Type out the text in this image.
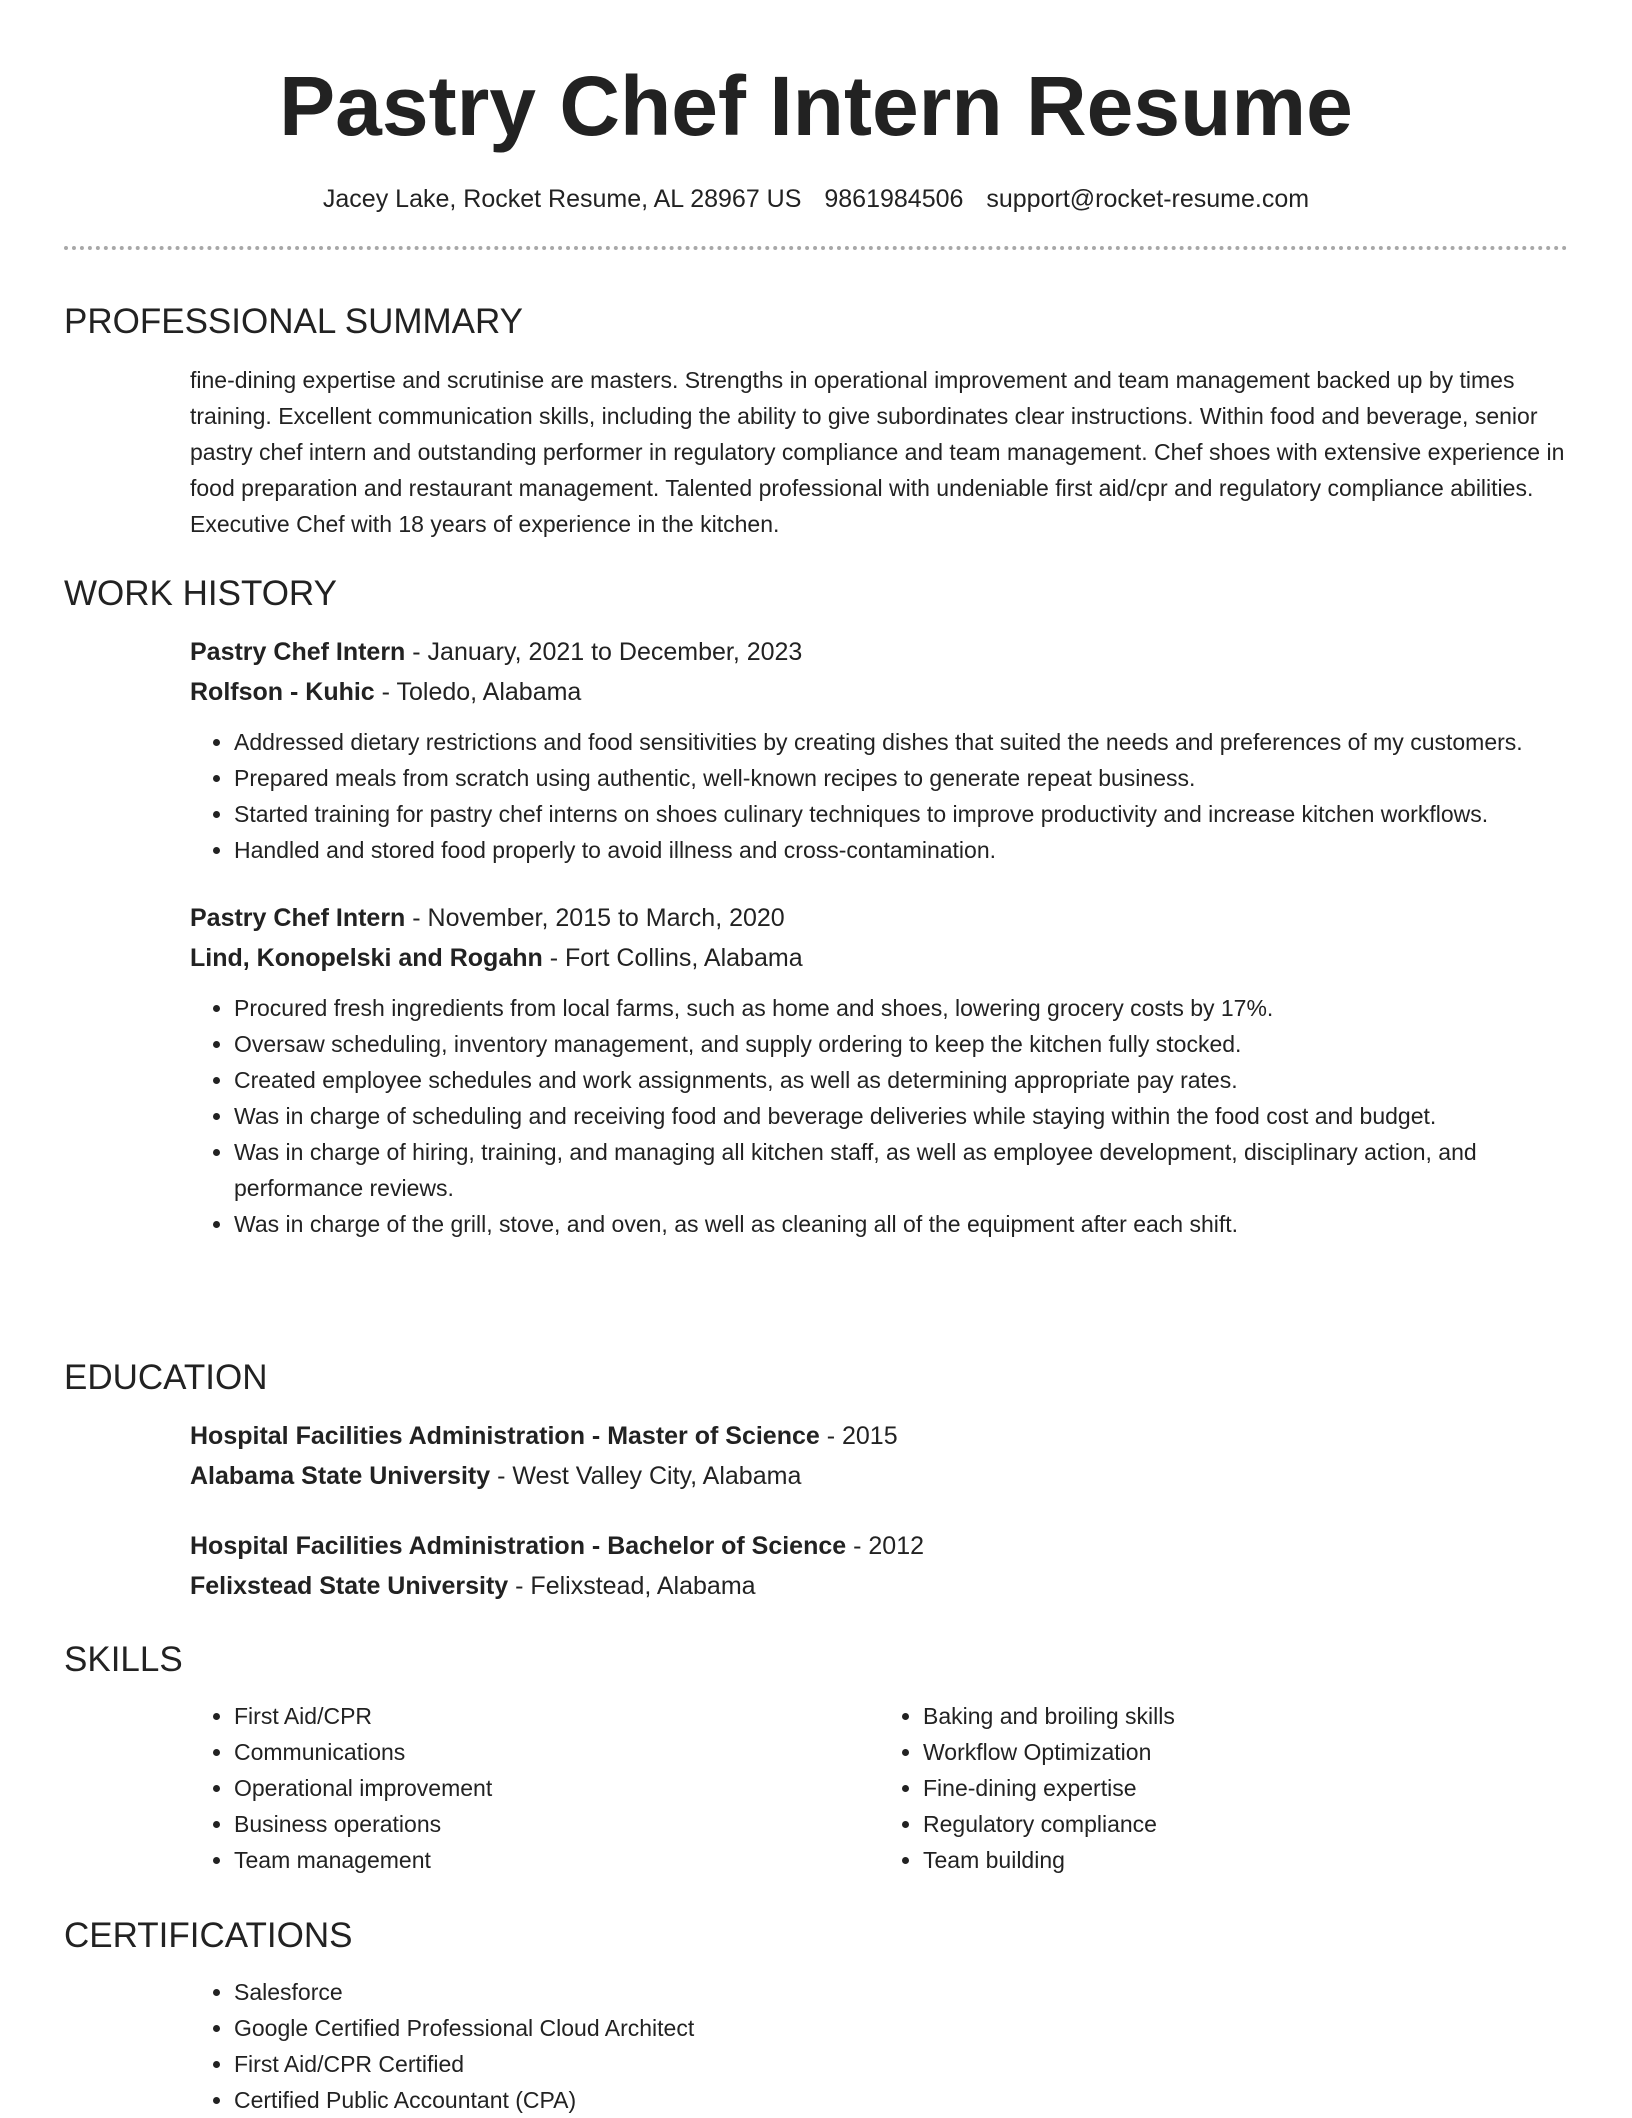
Pastry Chef Intern Resume
Jacey Lake, Rocket Resume, AL 28967 US 9861984506 support@rocket-resume.com
PROFESSIONAL SUMMARY
fine-dining expertise and scrutinise are masters. Strengths in operational improvement and team management backed up by times training. Excellent communication skills, including the ability to give subordinates clear instructions. Within food and beverage, senior pastry chef intern and outstanding performer in regulatory compliance and team management. Chef shoes with extensive experience in food preparation and restaurant management. Talented professional with undeniable first aid/cpr and regulatory compliance abilities. Executive Chef with 18 years of experience in the kitchen.
WORK HISTORY
Pastry Chef Intern - January, 2021 to December, 2023
Rolfson - Kuhic - Toledo, Alabama
• Addressed dietary restrictions and food sensitivities by creating dishes that suited the needs and preferences of my customers.
• Prepared meals from scratch using authentic, well-known recipes to generate repeat business.
• Started training for pastry chef interns on shoes culinary techniques to improve productivity and increase kitchen workflows.
• Handled and stored food properly to avoid illness and cross-contamination.
Pastry Chef Intern - November, 2015 to March, 2020
Lind, Konopelski and Rogahn - Fort Collins, Alabama
• Procured fresh ingredients from local farms, such as home and shoes, lowering grocery costs by 17%.
• Oversaw scheduling, inventory management, and supply ordering to keep the kitchen fully stocked.
• Created employee schedules and work assignments, as well as determining appropriate pay rates.
• Was in charge of scheduling and receiving food and beverage deliveries while staying within the food cost and budget.
• Was in charge of hiring, training, and managing all kitchen staff, as well as employee development, disciplinary action, and performance reviews.
• Was in charge of the grill, stove, and oven, as well as cleaning all of the equipment after each shift.
EDUCATION
Hospital Facilities Administration - Master of Science - 2015
Alabama State University - West Valley City, Alabama
Hospital Facilities Administration - Bachelor of Science - 2012
Felixstead State University - Felixstead, Alabama
SKILLS
• First Aid/CPR
• Communications
• Operational improvement
• Business operations
• Team management
• Baking and broiling skills
• Workflow Optimization
• Fine-dining expertise
• Regulatory compliance
• Team building
CERTIFICATIONS
• Salesforce
• Google Certified Professional Cloud Architect
• First Aid/CPR Certified
• Certified Public Accountant (CPA)
